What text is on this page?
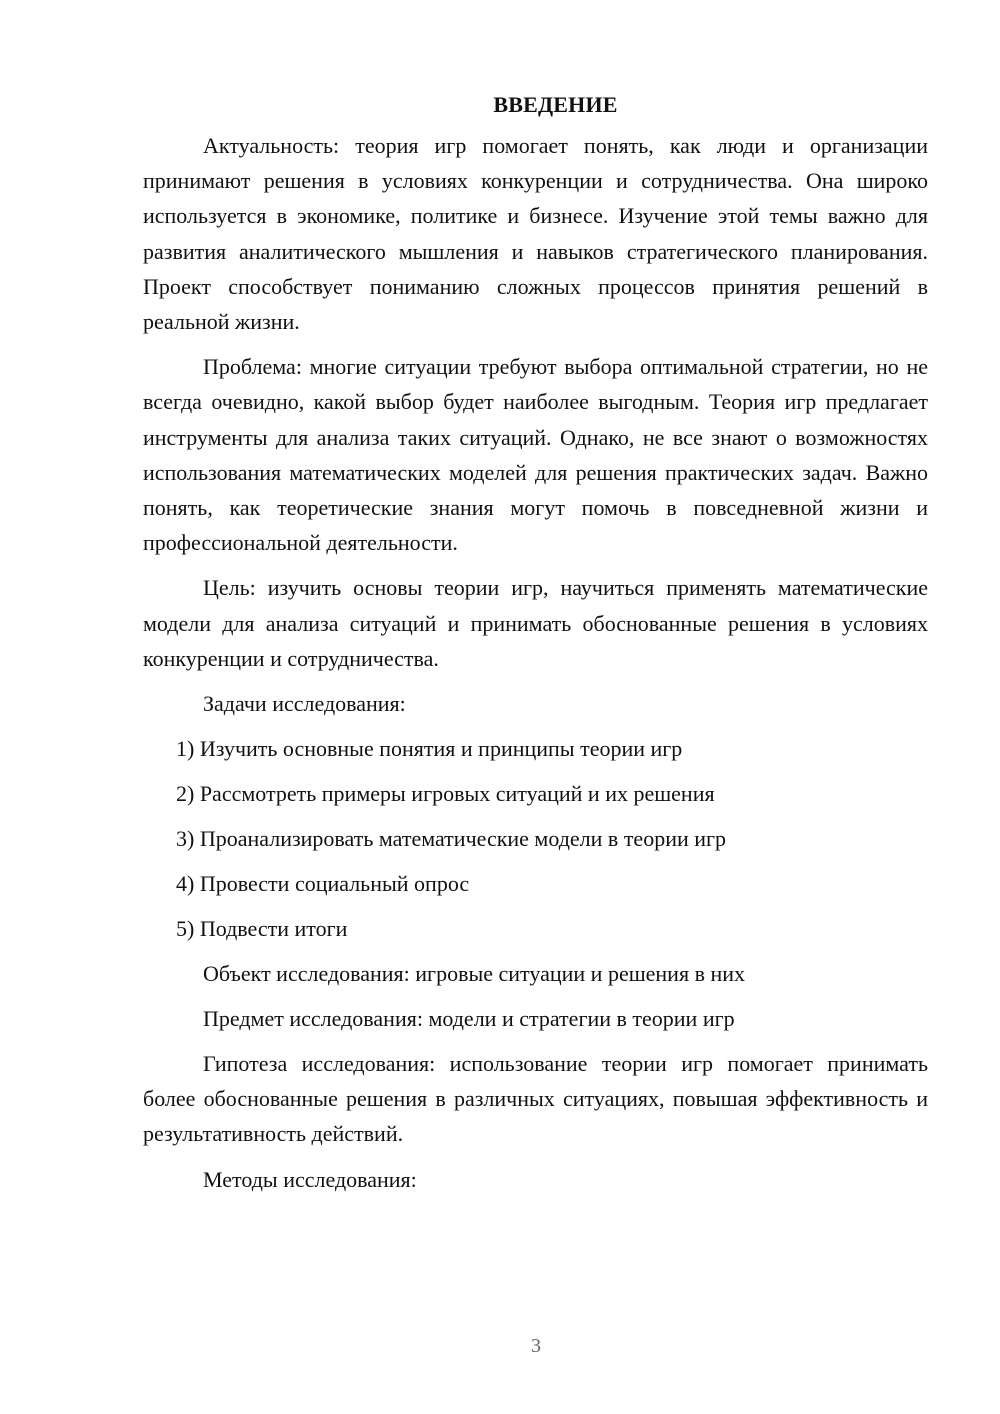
ВВЕДЕНИЕ

Актуальность: теория игр помогает понять, как люди и организации принимают решения в условиях конкуренции и сотрудничества. Она широко используется в экономике, политике и бизнесе. Изучение этой темы важно для развития аналитического мышления и навыков стратегического планирования. Проект способствует пониманию сложных процессов принятия решений в реальной жизни.

Проблема: многие ситуации требуют выбора оптимальной стратегии, но не всегда очевидно, какой выбор будет наиболее выгодным. Теория игр предлагает инструменты для анализа таких ситуаций. Однако, не все знают о возможностях использования математических моделей для решения практических задач. Важно понять, как теоретические знания могут помочь в повседневной жизни и профессиональной деятельности.

Цель: изучить основы теории игр, научиться применять математические модели для анализа ситуаций и принимать обоснованные решения в условиях конкуренции и сотрудничества.

Задачи исследования:
1) Изучить основные понятия и принципы теории игр
2) Рассмотреть примеры игровых ситуаций и их решения
3) Проанализировать математические модели в теории игр
4) Провести социальный опрос
5) Подвести итоги
Объект исследования: игровые ситуации и решения в них
Предмет исследования: модели и стратегии в теории игр

Гипотеза исследования: использование теории игр помогает принимать более обоснованные решения в различных ситуациях, повышая эффективность и результативность действий.

Методы исследования:
3
